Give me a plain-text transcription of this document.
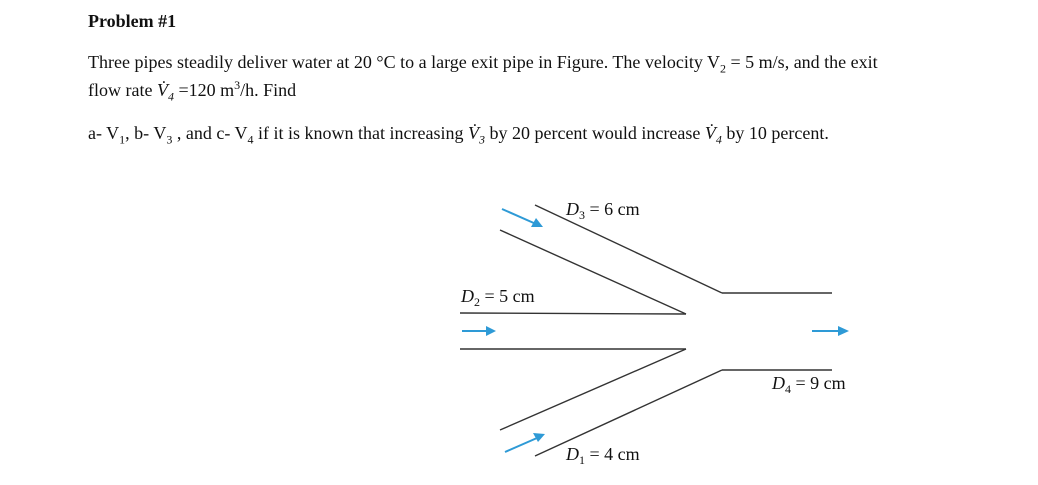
Problem #1
Three pipes steadily deliver water at 20 °C to a large exit pipe in Figure. The velocity $V_2 = 5$ m/s, and the exit flow rate $V̇_4 =120$ $m^3/h$. Find
a- $V_1$, b- $V_3$ , and c- $V_4$ if it is known that increasing $V̇_3$ by 20 percent would increase $V̇_4$ by 10 percent.
$D_3 = 6$ cm
$D_2 = 5$ cm
$D_4 = 9$ cm
$D_1 = 4$ cm
